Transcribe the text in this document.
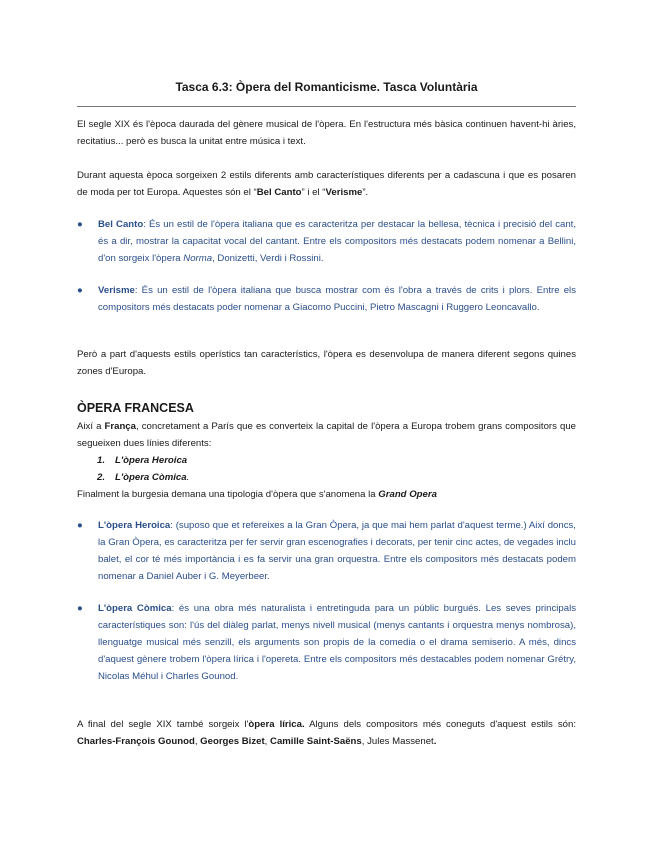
Tasca 6.3: Òpera del Romanticisme. Tasca Voluntària
El segle XIX és l'època daurada del gènere musical de l'òpera. En l'estructura més bàsica continuen havent-hi àries, recitatius... però es busca la unitat entre música i text.
Durant aquesta època sorgeixen 2 estils diferents amb característiques diferents per a cadascuna i que es posaren de moda per tot Europa. Aquestes són el “Bel Canto” i el “Verisme”.
●	Bel Canto: És un estil de l'òpera italiana que es caracteritza per destacar la bellesa, tècnica i precisió del cant, és a dir, mostrar la capacitat vocal del cantant. Entre els compositors més destacats podem nomenar a Bellini, d'on sorgeix l'òpera Norma, Donizetti, Verdi i Rossini.
●	Verisme: És un estil de l'òpera italiana que busca mostrar com és l'obra a través de crits i plors. Entre els compositors més destacats poder nomenar a Giacomo Puccini, Pietro Mascagni i Ruggero Leoncavallo.
Però a part d'aquests estils operístics tan característics, l'òpera es desenvolupa de manera diferent segons quines zones d'Europa.
ÒPERA FRANCESA
Així a França, concretament a París que es converteix la capital de l'òpera a Europa trobem grans compositors que segueixen dues línies diferents:
1. L'òpera Heroica
2. L'òpera Còmica.
Finalment la burgesia demana una tipologia d'òpera que s'anomena la Grand Opera
●	L'òpera Heroica: (suposo que et refereixes a la Gran Òpera, ja que mai hem parlat d'aquest terme.) Així doncs, la Gran Òpera, es caracteritza per fer servir gran escenografies i decorats, per tenir cinc actes, de vegades inclu balet, el cor té més importància i es fa servir una gran orquestra. Entre els compositors més destacats podem nomenar a Daniel Auber i G. Meyerbeer.
●	L'òpera Còmica: és una obra més naturalista i entretinguda para un públic burgués. Les seves principals característiques son: l'ús del diàleg parlat, menys nivell musical (menys cantants i orquestra menys nombrosa), llenguatge musical més senzill, els arguments son propis de la comedia o el drama semiserio. A més, dincs d'aquest gènere trobem l'òpera lírica i l'opereta. Entre els compositors més destacables podem nomenar Grétry, Nicolas Méhul i Charles Gounod.
A final del segle XIX també sorgeix l'òpera lírica. Alguns dels compositors més coneguts d'aquest estils són: Charles-François Gounod, Georges Bizet, Camille Saint-Saëns, Jules Massenet.
